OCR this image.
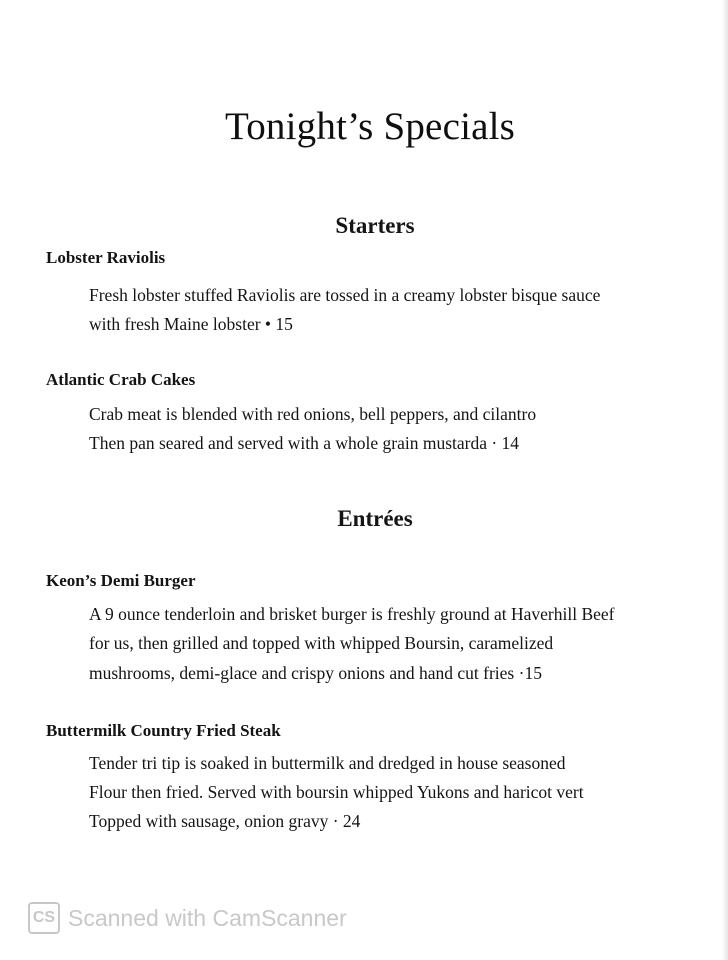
Tonight’s Specials
Starters
Lobster Raviolis
Fresh lobster stuffed Raviolis are tossed in a creamy lobster bisque sauce
with fresh Maine lobster • 15
Atlantic Crab Cakes
Crab meat is blended with red onions, bell peppers, and cilantro
Then pan seared and served with a whole grain mustarda · 14
Entrées
Keon’s Demi Burger
A 9 ounce tenderloin and brisket burger is freshly ground at Haverhill Beef
for us, then grilled and topped with whipped Boursin, caramelized
mushrooms, demi-glace and crispy onions and hand cut fries ·15
Buttermilk Country Fried Steak
Tender tri tip is soaked in buttermilk and dredged in house seasoned
Flour then fried. Served with boursin whipped Yukons and haricot vert
Topped with sausage, onion gravy · 24
CS Scanned with CamScanner
